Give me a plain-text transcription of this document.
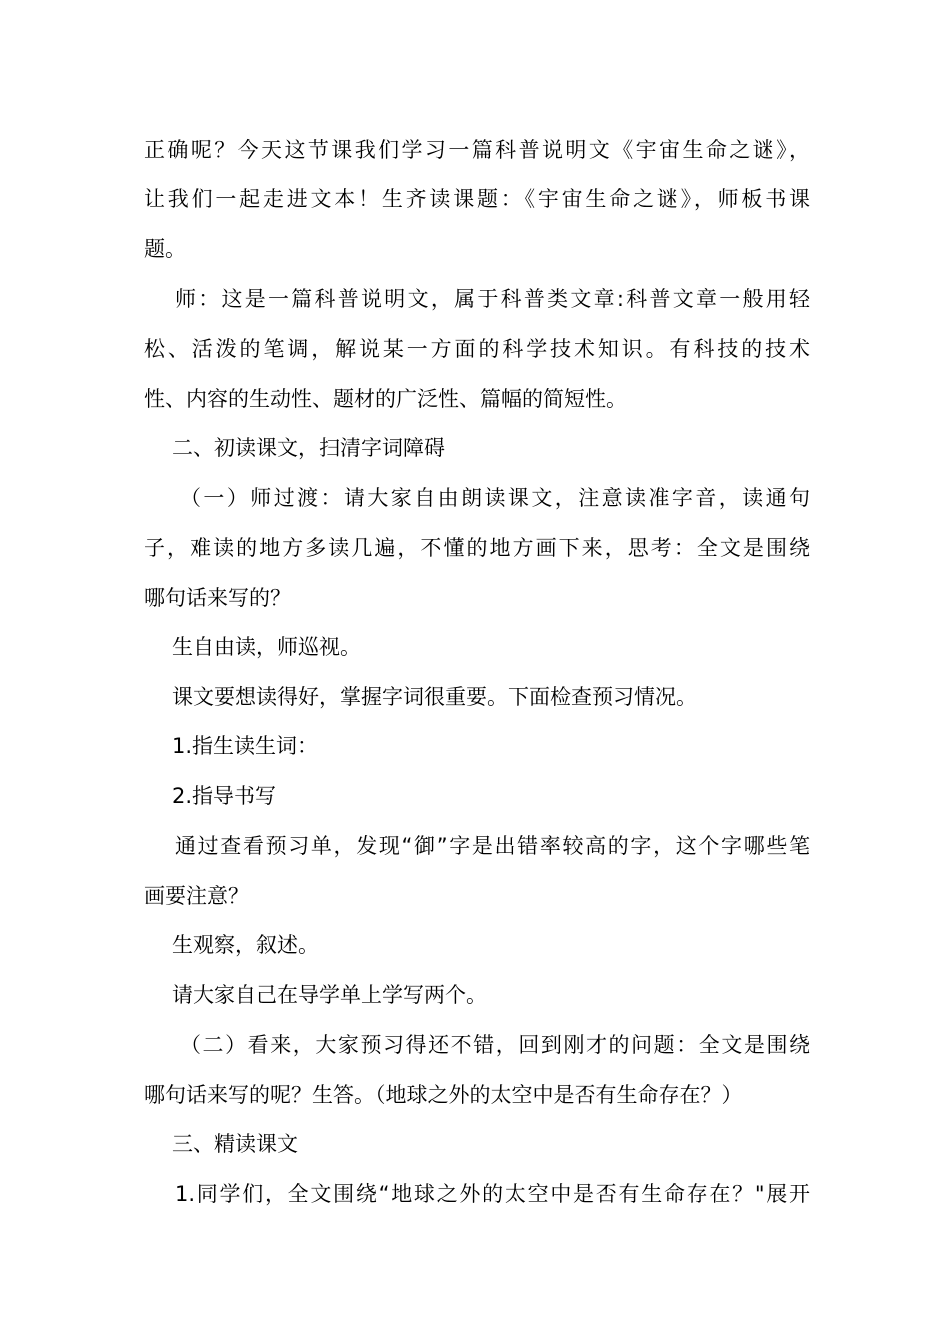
正确呢？今天这节课我们学习一篇科普说明文《宇宙生命之谜》，
让我们一起走进文本！生齐读课题：《宇宙生命之谜》，师板书课
题。
师：这是一篇科普说明文，属于科普类文章:科普文章一般用轻
松、活泼的笔调，解说某一方面的科学技术知识。有科技的技术
性、内容的生动性、题材的广泛性、篇幅的简短性。
二、初读课文，扫清字词障碍
（一）师过渡：请大家自由朗读课文，注意读准字音，读通句
子，难读的地方多读几遍，不懂的地方画下来，思考：全文是围绕
哪句话来写的？
生自由读，师巡视。
课文要想读得好，掌握字词很重要。下面检查预习情况。
1.指生读生词：
2.指导书写
通过查看预习单，发现“御”字是出错率较高的字，这个字哪些笔
画要注意？
生观察，叙述。
请大家自己在导学单上学写两个。
（二）看来，大家预习得还不错，回到刚才的问题：全文是围绕
哪句话来写的呢？生答。（地球之外的太空中是否有生命存在？）
三、精读课文
1.同学们，全文围绕“地球之外的太空中是否有生命存在？"展开
